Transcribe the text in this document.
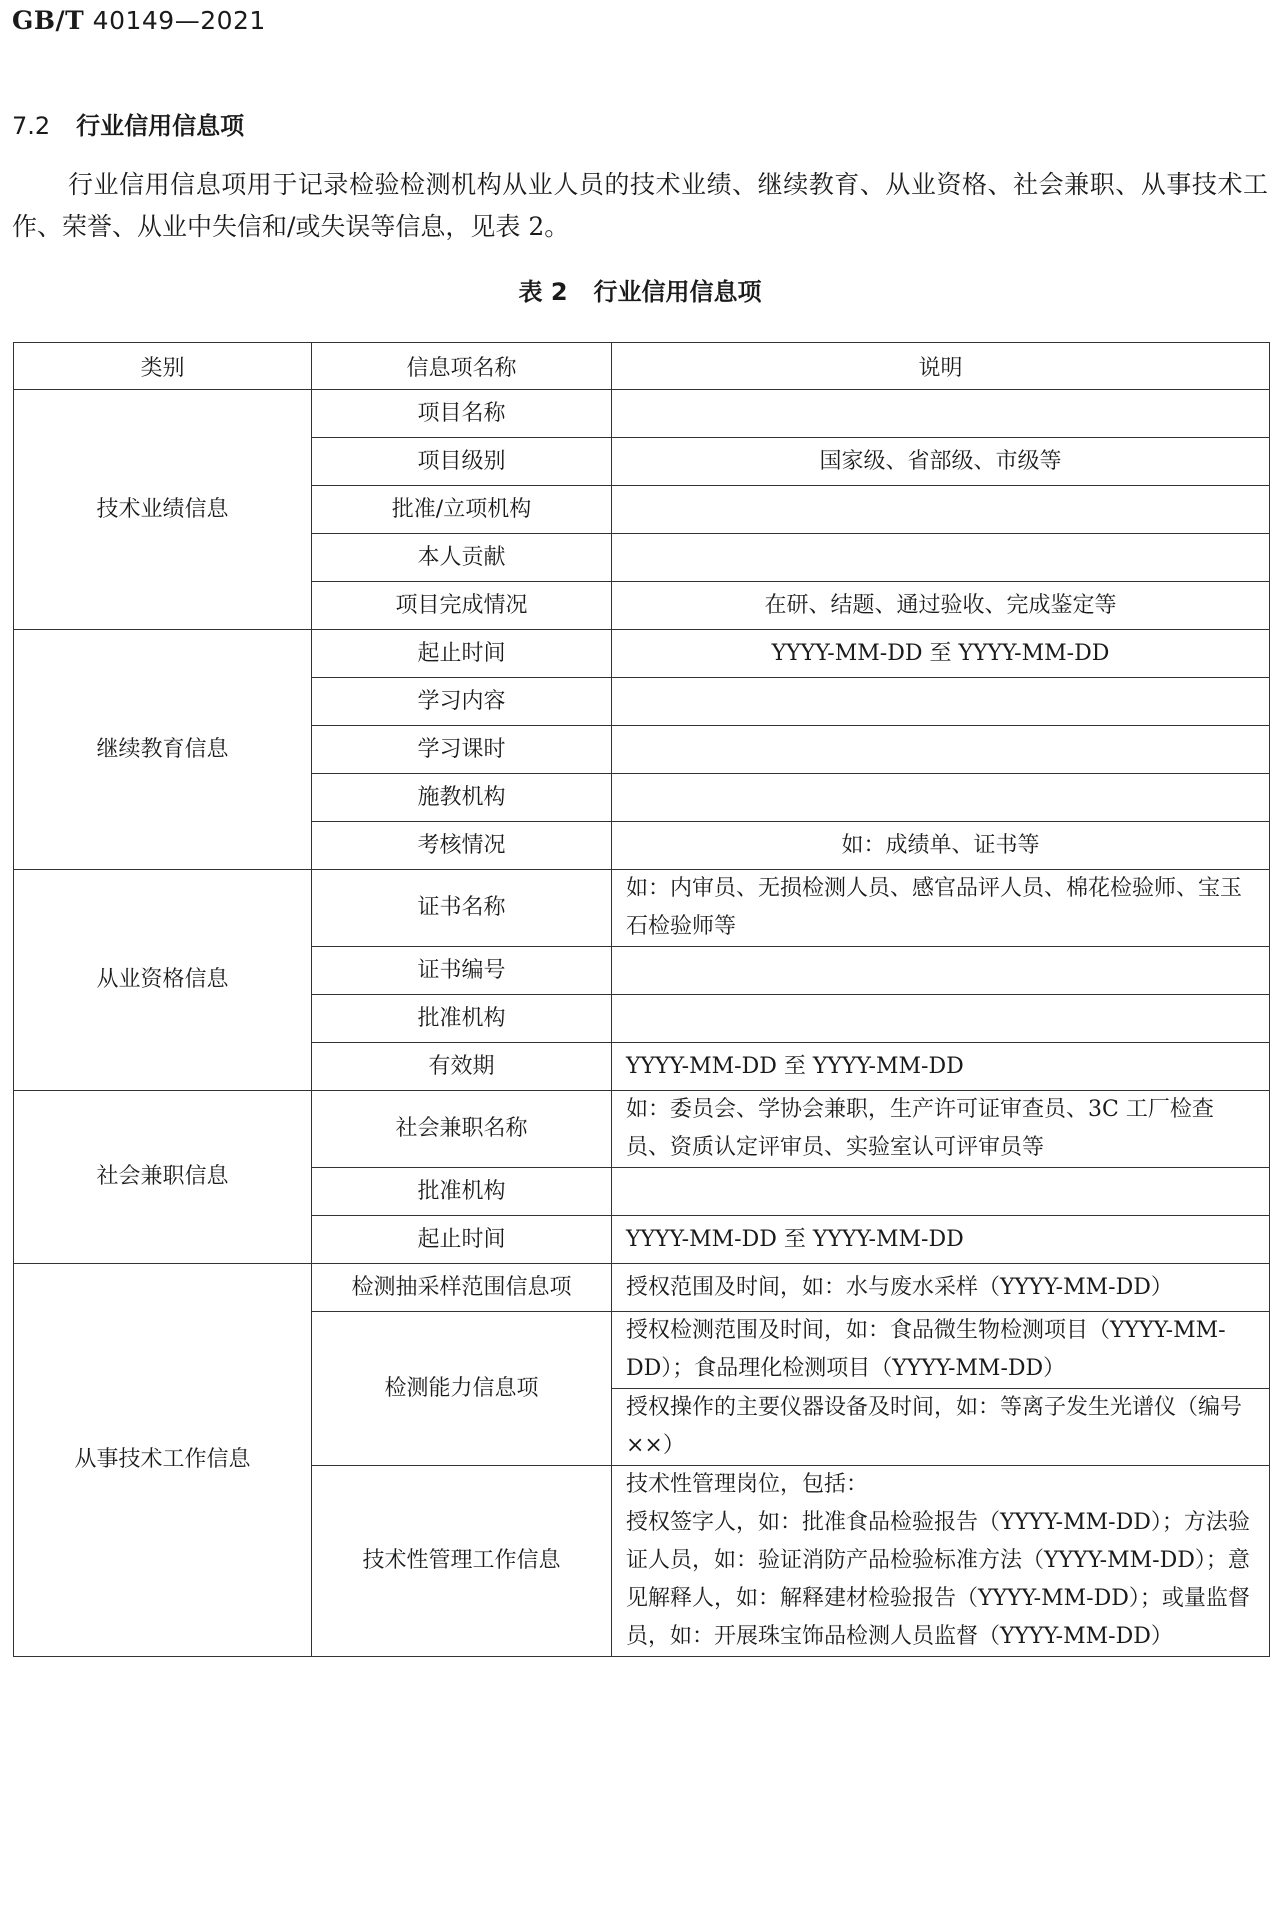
GB/T 40149—2021
7.2 行业信用信息项
行业信用信息项用于记录检验检测机构从业人员的技术业绩、继续教育、从业资格、社会兼职、从事技术工作、荣誉、从业中失信和/或失误等信息，见表 2。
表 2 行业信用信息项
类别	信息项名称	说明
技术业绩信息	项目名称	
	项目级别	国家级、省部级、市级等
	批准/立项机构	
	本人贡献	
	项目完成情况	在研、结题、通过验收、完成鉴定等
继续教育信息	起止时间	YYYY-MM-DD 至 YYYY-MM-DD
	学习内容	
	学习课时	
	施教机构	
	考核情况	如：成绩单、证书等
从业资格信息	证书名称	如：内审员、无损检测人员、感官品评人员、棉花检验师、宝玉石检验师等
	证书编号	
	批准机构	
	有效期	YYYY-MM-DD 至 YYYY-MM-DD
社会兼职信息	社会兼职名称	如：委员会、学协会兼职，生产许可证审查员、3C 工厂检查员、资质认定评审员、实验室认可评审员等
	批准机构	
	起止时间	YYYY-MM-DD 至 YYYY-MM-DD
从事技术工作信息	检测抽采样范围信息项	授权范围及时间，如：水与废水采样（YYYY-MM-DD）
	检测能力信息项	授权检测范围及时间，如：食品微生物检测项目（YYYY-MM-DD）；食品理化检测项目（YYYY-MM-DD）
		授权操作的主要仪器设备及时间，如：等离子发生光谱仪（编号××）
	技术性管理工作信息	技术性管理岗位，包括：
授权签字人，如：批准食品检验报告（YYYY-MM-DD）；方法验证人员，如：验证消防产品检验标准方法（YYYY-MM-DD）；意见解释人，如：解释建材检验报告（YYYY-MM-DD）；或量监督员，如：开展珠宝饰品检测人员监督（YYYY-MM-DD）
